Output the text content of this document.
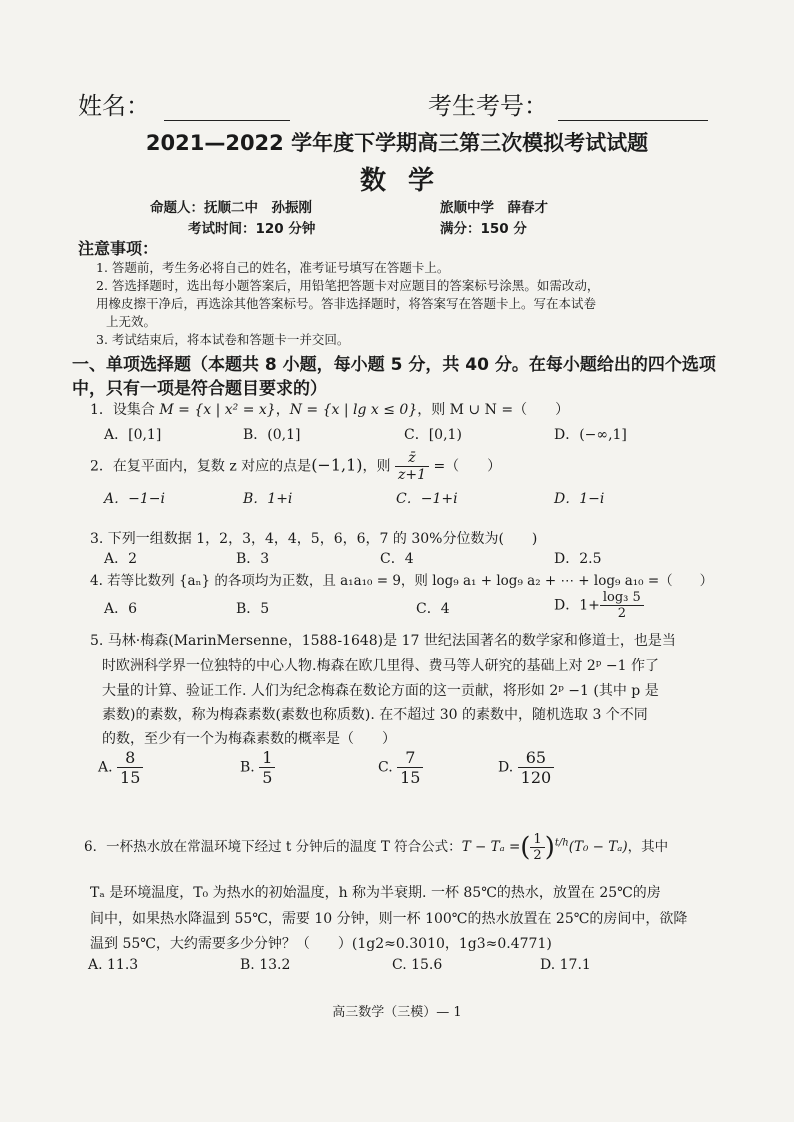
姓名：	考生考号：
2021—2022 学年度下学期高三第三次模拟考试试题
数学
命题人：抚顺二中　孙振刚	旅顺中学　薛春才
考试时间：120 分钟	满分：150 分
注意事项：
1. 答题前，考生务必将自己的姓名，准考证号填写在答题卡上。
2. 答选择题时，选出每小题答案后，用铅笔把答题卡对应题目的答案标号涂黑。如需改动，
用橡皮擦干净后，再选涂其他答案标号。答非选择题时，将答案写在答题卡上。写在本试卷
上无效。
3. 考试结束后，将本试卷和答题卡一并交回。
一、单项选择题（本题共 8 小题，每小题 5 分，共 40 分。在每小题给出的四个选项
中，只有一项是符合题目要求的）
1．设集合 M = {x | x² = x}，N = {x | lg x ≤ 0}，则 M ∪ N =（　　）
A．[0,1]	B．(0,1]	C．[0,1)	D．(−∞,1]
2．在复平面内，复数 z 对应的点是(−1,1)，则 $\frac{z̄}{z+1}$ =（　　）
A．−1−i	B．1+i	C．−1+i	D．1−i
3. 下列一组数据 1，2，3，4，4，5，6，6，7 的 30%分位数为(　　)
A．2	B．3	C．4	D．2.5
4. 若等比数列 {aₙ} 的各项均为正数，且 a₁a₁₀ = 9，则 log₉ a₁ + log₉ a₂ + ⋯ + log₉ a₁₀ =（　　）
A．6	B．5	C．4	D．$1+ \frac{\text{log₃ 5}}{2}$
5. 马林·梅森(MarinMersenne，1588-1648)是 17 世纪法国著名的数学家和修道士，也是当
时欧洲科学界一位独特的中心人物.梅森在欧几里得、费马等人研究的基础上对 2ᵖ −1 作了
大量的计算、验证工作. 人们为纪念梅森在数论方面的这一贡献，将形如 2ᵖ −1 (其中 p 是
素数)的素数，称为梅森素数(素数也称质数). 在不超过 30 的素数中，随机选取 3 个不同
的数，至少有一个为梅森素数的概率是（　　）
A. $\frac{8}{15}$	B. $\frac{1}{5}$	C. $\frac{7}{15}$	D. $\frac{65}{120}$
6．一杯热水放在常温环境下经过 t 分钟后的温度 T 符合公式：T − Tₐ =( $\frac{1}{2} )^{t/h}(T_0 - T_a)$，其中
Tₐ 是环境温度，T₀ 为热水的初始温度，h 称为半衰期. 一杯 85℃的热水，放置在 25℃的房
间中，如果热水降温到 55℃，需要 10 分钟，则一杯 100℃的热水放置在 25℃的房间中，欲降
温到 55℃，大约需要多少分钟？（　　）(1g2≈0.3010，1g3≈0.4771)
A. 11.3	B. 13.2	C. 15.6	D. 17.1
高三数学（三模）— 1
